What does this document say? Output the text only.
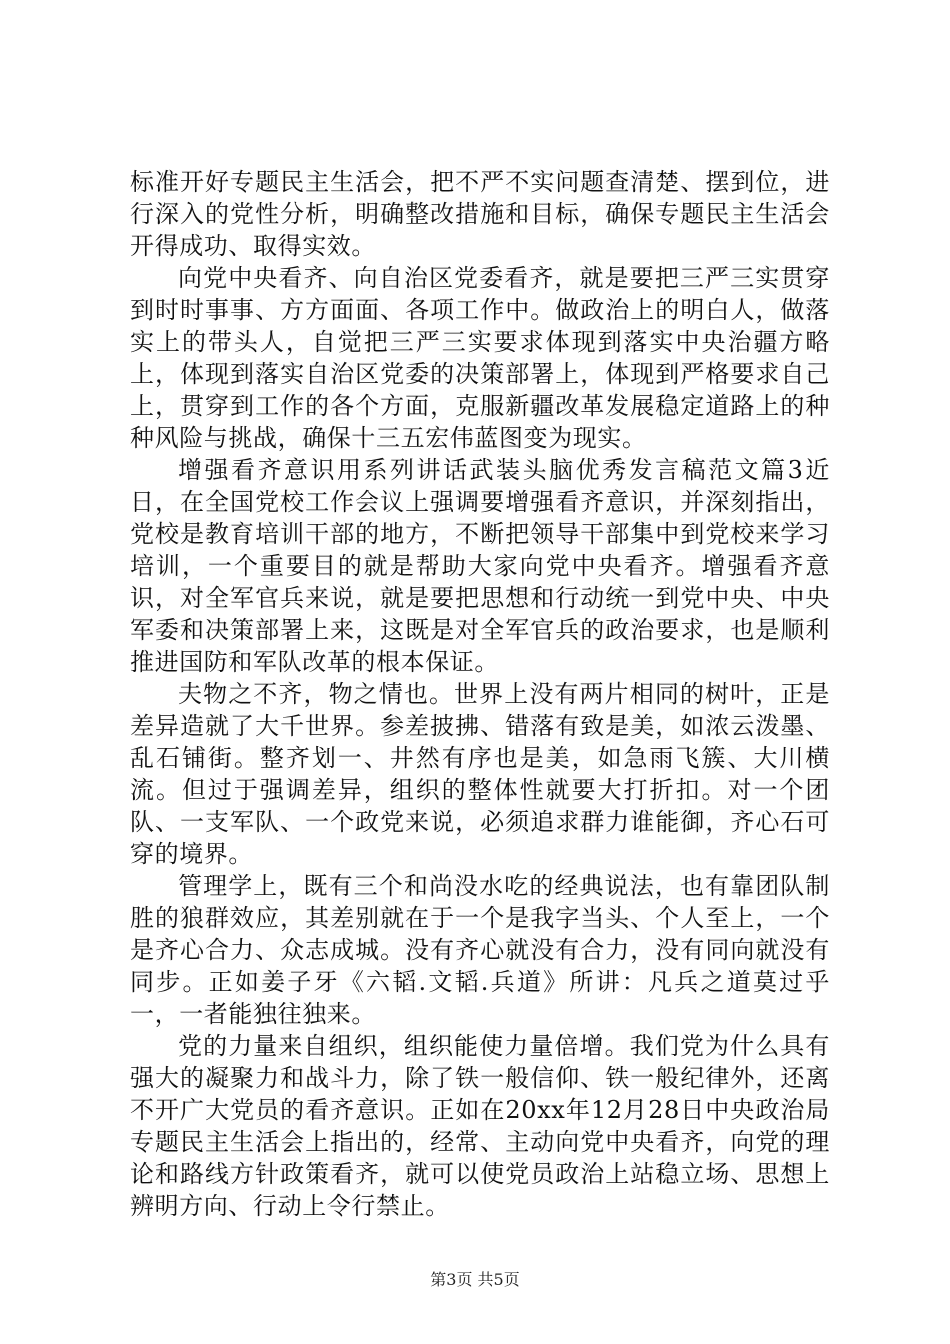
标准开好专题民主生活会，把不严不实问题查清楚、摆到位，进行深入的党性分析，明确整改措施和目标，确保专题民主生活会开得成功、取得实效。

向党中央看齐、向自治区党委看齐，就是要把三严三实贯穿到时时事事、方方面面、各项工作中。做政治上的明白人，做落实上的带头人，自觉把三严三实要求体现到落实中央治疆方略上，体现到落实自治区党委的决策部署上，体现到严格要求自己上，贯穿到工作的各个方面，克服新疆改革发展稳定道路上的种种风险与挑战，确保十三五宏伟蓝图变为现实。

增强看齐意识用系列讲话武装头脑优秀发言稿范文篇3近日，在全国党校工作会议上强调要增强看齐意识，并深刻指出，党校是教育培训干部的地方，不断把领导干部集中到党校来学习培训，一个重要目的就是帮助大家向党中央看齐。增强看齐意识，对全军官兵来说，就是要把思想和行动统一到党中央、中央军委和决策部署上来，这既是对全军官兵的政治要求，也是顺利推进国防和军队改革的根本保证。

夫物之不齐，物之情也。世界上没有两片相同的树叶，正是差异造就了大千世界。参差披拂、错落有致是美，如浓云泼墨、乱石铺街。整齐划一、井然有序也是美，如急雨飞簇、大川横流。但过于强调差异，组织的整体性就要大打折扣。对一个团队、一支军队、一个政党来说，必须追求群力谁能御，齐心石可穿的境界。

管理学上，既有三个和尚没水吃的经典说法，也有靠团队制胜的狼群效应，其差别就在于一个是我字当头、个人至上，一个是齐心合力、众志成城。没有齐心就没有合力，没有同向就没有同步。正如姜子牙《六韬.文韬.兵道》所讲：凡兵之道莫过乎一，一者能独往独来。

党的力量来自组织，组织能使力量倍增。我们党为什么具有强大的凝聚力和战斗力，除了铁一般信仰、铁一般纪律外，还离不开广大党员的看齐意识。正如在20xx年12月28日中央政治局专题民主生活会上指出的，经常、主动向党中央看齐，向党的理论和路线方针政策看齐，就可以使党员政治上站稳立场、思想上辨明方向、行动上令行禁止。

第3页 共5页
